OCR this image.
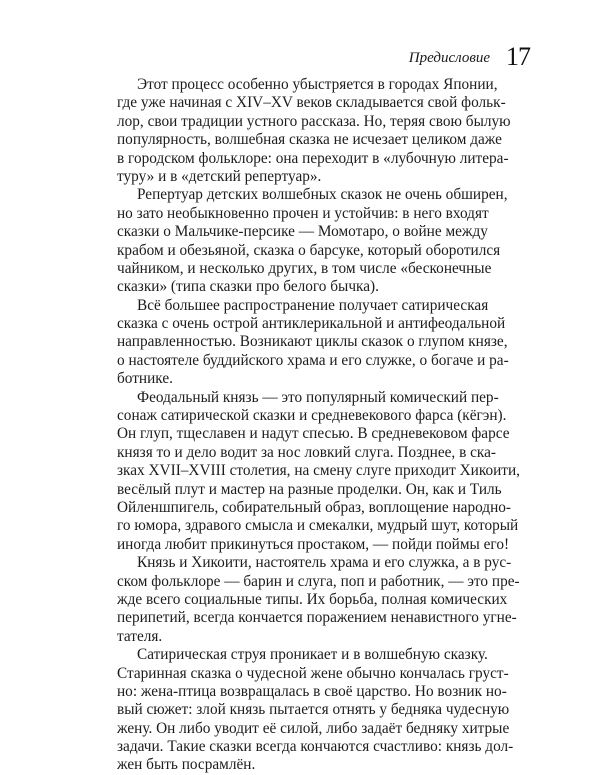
Предисловие 17
Этот процесс особенно убыстряется в городах Японии,
где уже начиная с XIV–XV веков складывается свой фольк-
лор, свои традиции устного рассказа. Но, теряя свою былую
популярность, волшебная сказка не исчезает целиком даже
в городском фольклоре: она переходит в «лубочную литера-
туру» и в «детский репертуар».
Репертуар детских волшебных сказок не очень обширен,
но зато необыкновенно прочен и устойчив: в него входят
сказки о Мальчике-персике — Момотаро, о войне между
крабом и обезьяной, сказка о барсуке, который оборотился
чайником, и несколько других, в том числе «бесконечные
сказки» (типа сказки про белого бычка).
Всё большее распространение получает сатирическая
сказка с очень острой антиклерикальной и антифеодальной
направленностью. Возникают циклы сказок о глупом князе,
о настоятеле буддийского храма и его служке, о богаче и ра-
ботнике.
Феодальный князь — это популярный комический пер-
сонаж сатирической сказки и средневекового фарса (кёгэн).
Он глуп, тщеславен и надут спесью. В средневековом фарсе
князя то и дело водит за нос ловкий слуга. Позднее, в ска-
зках XVII–XVIII столетия, на смену слуге приходит Хикоити,
весёлый плут и мастер на разные проделки. Он, как и Тиль
Ойленшпигель, собирательный образ, воплощение народно-
го юмора, здравого смысла и смекалки, мудрый шут, который
иногда любит прикинуться простаком, — пойди поймы его!
Князь и Хикоити, настоятель храма и его служка, а в рус-
ском фольклоре — барин и слуга, поп и работник, — это пре-
жде всего социальные типы. Их борьба, полная комических
перипетий, всегда кончается поражением ненавистного угне-
тателя.
Сатирическая струя проникает и в волшебную сказку.
Старинная сказка о чудесной жене обычно кончалась груст-
но: жена-птица возвращалась в своё царство. Но возник но-
вый сюжет: злой князь пытается отнять у бедняка чудесную
жену. Он либо уводит её силой, либо задаёт бедняку хитрые
задачи. Такие сказки всегда кончаются счастливо: князь дол-
жен быть посрамлён.
